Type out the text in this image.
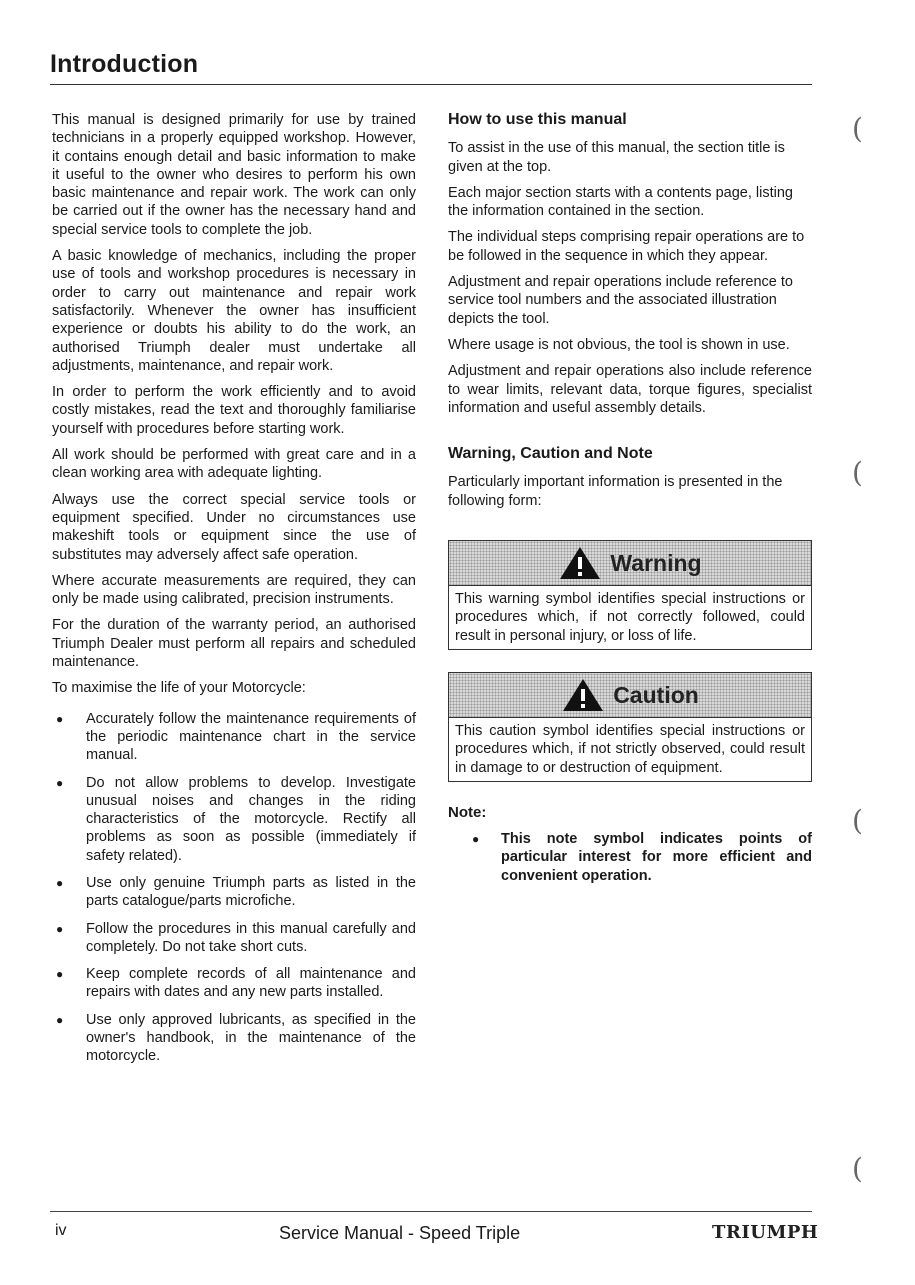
Introduction

This manual is designed primarily for use by trained technicians in a properly equipped workshop. However, it contains enough detail and basic information to make it useful to the owner who desires to perform his own basic maintenance and repair work. The work can only be carried out if the owner has the necessary hand and special service tools to complete the job.

A basic knowledge of mechanics, including the proper use of tools and workshop procedures is necessary in order to carry out maintenance and repair work satisfactorily. Whenever the owner has insufficient experience or doubts his ability to do the work, an authorised Triumph dealer must undertake all adjustments, maintenance, and repair work.

In order to perform the work efficiently and to avoid costly mistakes, read the text and thoroughly familiarise yourself with procedures before starting work.

All work should be performed with great care and in a clean working area with adequate lighting.

Always use the correct special service tools or equipment specified. Under no circumstances use makeshift tools or equipment since the use of substitutes may adversely affect safe operation.

Where accurate measurements are required, they can only be made using calibrated, precision instruments.

For the duration of the warranty period, an authorised Triumph Dealer must perform all repairs and scheduled maintenance.

To maximise the life of your Motorcycle:

● Accurately follow the maintenance requirements of the periodic maintenance chart in the service manual.
● Do not allow problems to develop. Investigate unusual noises and changes in the riding characteristics of the motorcycle. Rectify all problems as soon as possible (immediately if safety related).
● Use only genuine Triumph parts as listed in the parts catalogue/parts microfiche.
● Follow the procedures in this manual carefully and completely. Do not take short cuts.
● Keep complete records of all maintenance and repairs with dates and any new parts installed.
● Use only approved lubricants, as specified in the owner's handbook, in the maintenance of the motorcycle.
How to use this manual

To assist in the use of this manual, the section title is given at the top.

Each major section starts with a contents page, listing the information contained in the section.

The individual steps comprising repair operations are to be followed in the sequence in which they appear.

Adjustment and repair operations include reference to service tool numbers and the associated illustration depicts the tool.

Where usage is not obvious, the tool is shown in use.

Adjustment and repair operations also include reference to wear limits, relevant data, torque figures, specialist information and useful assembly details.

Warning, Caution and Note

Particularly important information is presented in the following form:

Warning
This warning symbol identifies special instructions or procedures which, if not correctly followed, could result in personal injury, or loss of life.
Caution
This caution symbol identifies special instructions or procedures which, if not strictly observed, could result in damage to or destruction of equipment.
Note:
● This note symbol indicates points of particular interest for more efficient and convenient operation.
(
(
(
(
iv	Service Manual - Speed Triple	TRIUMPH
